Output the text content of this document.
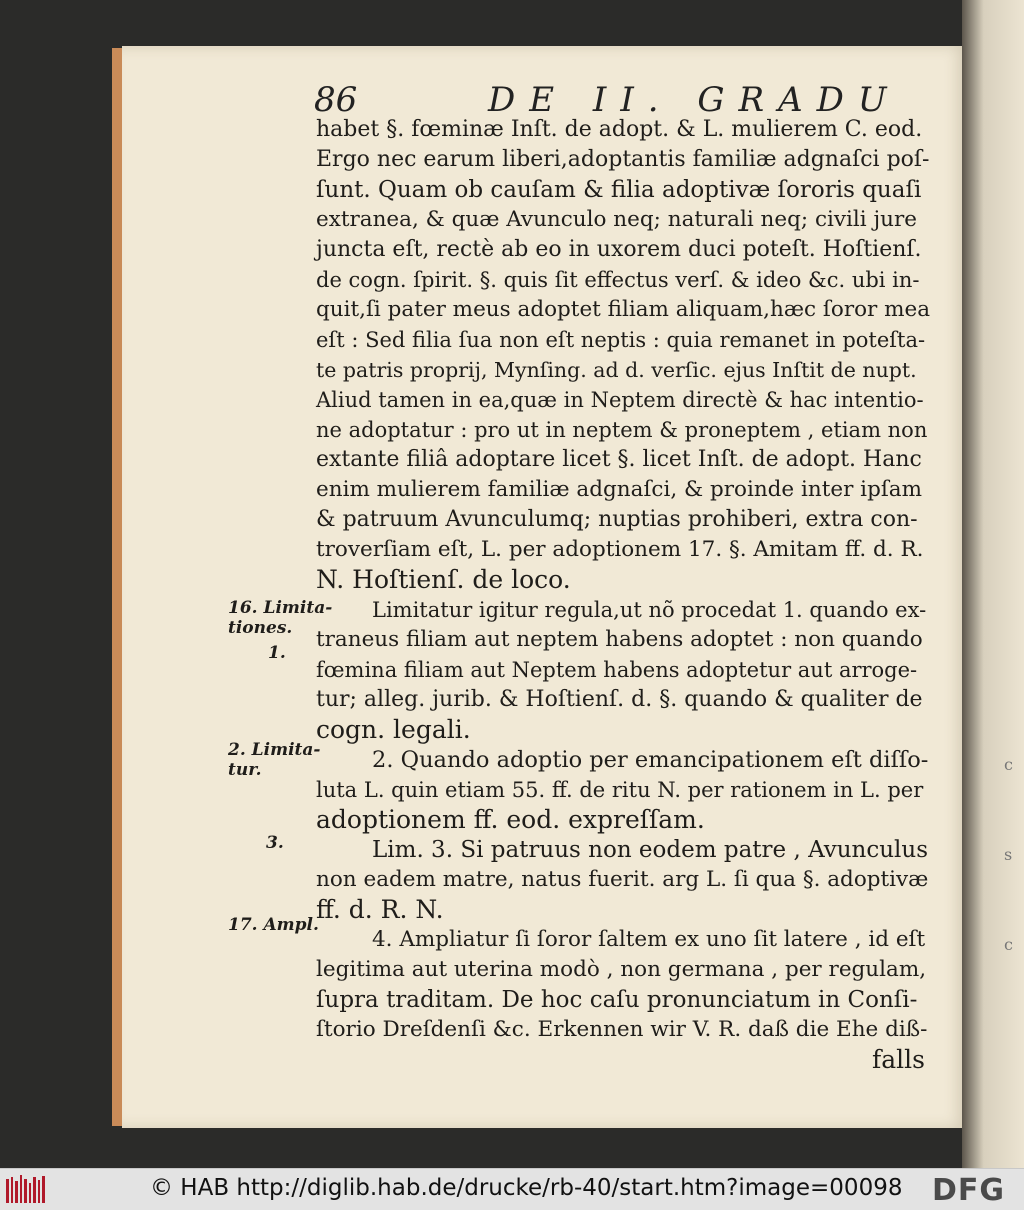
86	DE II. GRADU
habet §. fœminæ Inſt. de adopt. & L. mulierem C. eod.
Ergo nec earum liberi,adoptantis familiæ adgnaſci poſ-
ſunt. Quam ob cauſam & filia adoptivæ ſororis quaſi
extranea, & quæ Avunculo neq; naturali neq; civili jure
juncta eſt, rectè ab eo in uxorem duci poteſt. Hoſtienſ.
de cogn. ſpirit. §. quis ſit effectus verſ. & ideo &c. ubi in-
quit,ſi pater meus adoptet filiam aliquam,hæc ſoror mea
eſt : Sed filia ſua non eſt neptis : quia remanet in poteſta-
te patris proprij, Mynſing. ad d. verſic. ejus Inſtit de nupt.
Aliud tamen in ea,quæ in Neptem directè & hac intentio-
ne adoptatur : pro ut in neptem & proneptem , etiam non
extante filiâ adoptare licet §. licet Inſt. de adopt. Hanc
enim mulierem familiæ adgnaſci, & proinde inter ipſam
& patruum Avunculumq; nuptias prohiberi, extra con-
troverſiam eſt, L. per adoptionem 17. §. Amitam ff. d. R.
N. Hoſtienſ. de loco.
Limitatur igitur regula,ut nõ procedat 1. quando ex-
traneus filiam aut neptem habens adoptet : non quando
fœmina filiam aut Neptem habens adoptetur aut arroge-
tur; alleg. jurib. & Hoſtienſ. d. §. quando & qualiter de
cogn. legali.
2. Quando adoptio per emancipationem eſt diſſo-
luta L. quin etiam 55. ff. de ritu N. per rationem in L. per
adoptionem ff. eod. expreſſam.
Lim. 3. Si patruus non eodem patre , Avunculus
non eadem matre, natus fuerit. arg L. ſi qua §. adoptivæ
ff. d. R. N.
4. Ampliatur ſi ſoror ſaltem ex uno ſit latere , id eſt
legitima aut uterina modò , non germana , per regulam,
ſupra traditam. De hoc caſu pronunciatum in Conſi-
ſtorio Dreſdenſi &c. Erkennen wir V. R. daß die Ehe diß-
falls
16. Limita-
tiones.
1.
2. Limita-
tur.
3.
17. Ampl.
c
s
c
© HAB http://diglib.hab.de/drucke/rb-40/start.htm?image=00098 DFG
